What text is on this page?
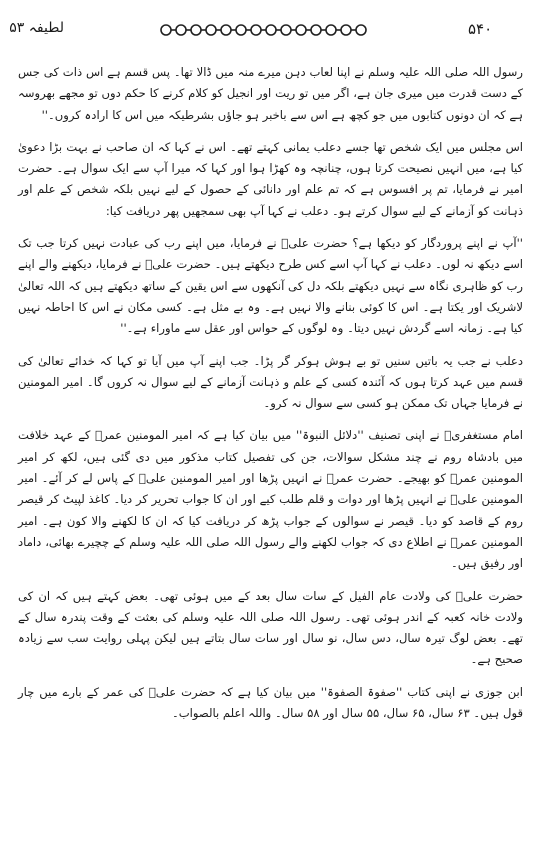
۵۴۰
لطیفہ ۵۳

رسول اللہ صلی اللہ علیہ وسلم نے اپنا لعاب دہن میرے منہ میں ڈالا تھا۔ پس قسم ہے اس ذات کی جس کے دست قدرت میں میری جان ہے، اگر میں تو ریت اور انجیل کو کلام کرنے کا حکم دوں تو مجھے بھروسہ ہے کہ ان دونوں کتابوں میں جو کچھ ہے اس سے باخبر ہو جاؤں بشرطیکہ میں اس کا ارادہ کروں۔''

اس مجلس میں ایک شخص تھا جسے دعلب یمانی کہتے تھے۔ اس نے کہا کہ ان صاحب نے بہت بڑا دعویٰ کیا ہے، میں انہیں نصیحت کرتا ہوں، چنانچہ وہ کھڑا ہوا اور کہا کہ میرا آپ سے ایک سوال ہے۔ حضرت امیر نے فرمایا، تم پر افسوس ہے کہ تم علم اور دانائی کے حصول کے لیے نہیں بلکہ شخص کے علم اور ذہانت کو آزمانے کے لیے سوال کرتے ہو۔ دعلب نے کہا آپ بھی سمجھیں پھر دریافت کیا:

''آپ نے اپنے پروردگار کو دیکھا ہے؟ حضرت علیؓ نے فرمایا، میں اپنے رب کی عبادت نہیں کرتا جب تک اسے دیکھ نہ لوں۔ دعلب نے کہا آپ اسے کس طرح دیکھتے ہیں۔ حضرت علیؓ نے فرمایا، دیکھنے والے اپنے رب کو ظاہری نگاہ سے نہیں دیکھتے بلکہ دل کی آنکھوں سے اس یقین کے ساتھ دیکھتے ہیں کہ اللہ تعالیٰ لاشریک اور یکتا ہے۔ اس کا کوئی بنانے والا نہیں ہے۔ وہ بے مثل ہے۔ کسی مکان نے اس کا احاطہ نہیں کیا ہے۔ زمانہ اسے گردش نہیں دیتا۔ وہ لوگوں کے حواس اور عقل سے ماوراء ہے۔''

دعلب نے جب یہ باتیں سنیں تو بے ہوش ہوکر گر پڑا۔ جب اپنے آپ میں آیا تو کہا کہ خدائے تعالیٰ کی قسم میں عہد کرتا ہوں کہ آئندہ کسی کے علم و ذہانت آزمانے کے لیے سوال نہ کروں گا۔ امیر المومنین نے فرمایا جہاں تک ممکن ہو کسی سے سوال نہ کرو۔

امام مستغفریؒ نے اپنی تصنیف ''دلائل النبوۃ'' میں بیان کیا ہے کہ امیر المومنین عمرؓ کے عہد خلافت میں بادشاہ روم نے چند مشکل سوالات، جن کی تفصیل کتاب مذکور میں دی گئی ہیں، لکھ کر امیر المومنین عمرؓ کو بھیجے۔ حضرت عمرؓ نے انہیں پڑھا اور امیر المومنین علیؓ کے پاس لے کر آئے۔ امیر المومنین علیؓ نے انہیں پڑھا اور دوات و قلم طلب کیے اور ان کا جواب تحریر کر دیا۔ کاغذ لپیٹ کر قیصر روم کے قاصد کو دیا۔ قیصر نے سوالوں کے جواب پڑھ کر دریافت کیا کہ ان کا لکھنے والا کون ہے۔ امیر المومنین عمرؓ نے اطلاع دی کہ جواب لکھنے والے رسول اللہ صلی اللہ علیہ وسلم کے چچیرے بھائی، داماد اور رفیق ہیں۔

حضرت علیؓ کی ولادت عام الفیل کے سات سال بعد کے میں ہوئی تھی۔ بعض کہتے ہیں کہ ان کی ولادت خانہ کعبہ کے اندر ہوئی تھی۔ رسول اللہ صلی اللہ علیہ وسلم کی بعثت کے وقت پندرہ سال کے تھے۔ بعض لوگ تیرہ سال، دس سال، نو سال اور سات سال بتاتے ہیں لیکن پہلی روایت سب سے زیادہ صحیح ہے۔

ابن جوزی نے اپنی کتاب ''صفوۃ الصفوۃ'' میں بیان کیا ہے کہ حضرت علیؓ کی عمر کے بارے میں چار قول ہیں۔ ۶۳ سال، ۶۵ سال، ۵۵ سال اور ۵۸ سال۔ واللہ اعلم بالصواب۔
